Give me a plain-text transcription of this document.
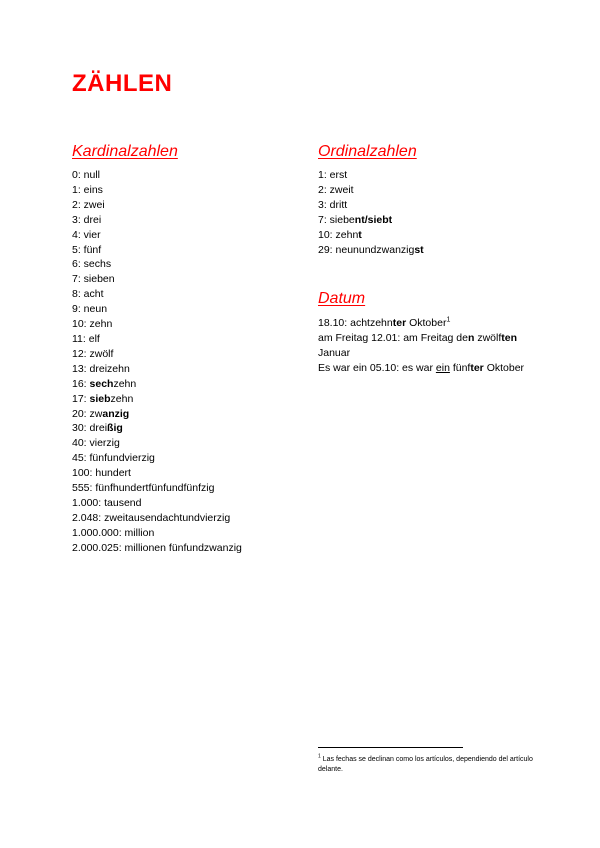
ZÄHLEN
Kardinalzahlen
0: null
1: eins
2: zwei
3: drei
4: vier
5: fünf
6: sechs
7: sieben
8: acht
9: neun
10: zehn
11: elf
12: zwölf
13: dreizehn
16: sechzehn
17: siebzehn
20: zwanzig
30: dreißig
40: vierzig
45: fünfundvierzig
100: hundert
555: fünfhundertfünfundfünfzig
1.000: tausend
2.048: zweitausendachtundvierzig
1.000.000: million
2.000.025: millionen fünfundzwanzig
Ordinalzahlen
1: erst
2: zweit
3: dritt
7: siebent/siebt
10: zehnt
29: neunundzwanzigst
Datum

18.10: achtzehnter Oktober$^1$

am Freitag 12.01: am Freitag den zwölften Januar

Es war ein 05.10: es war ein fünfter Oktober

$^1$ Las fechas se declinan como los artículos, dependiendo del artículo delante.
